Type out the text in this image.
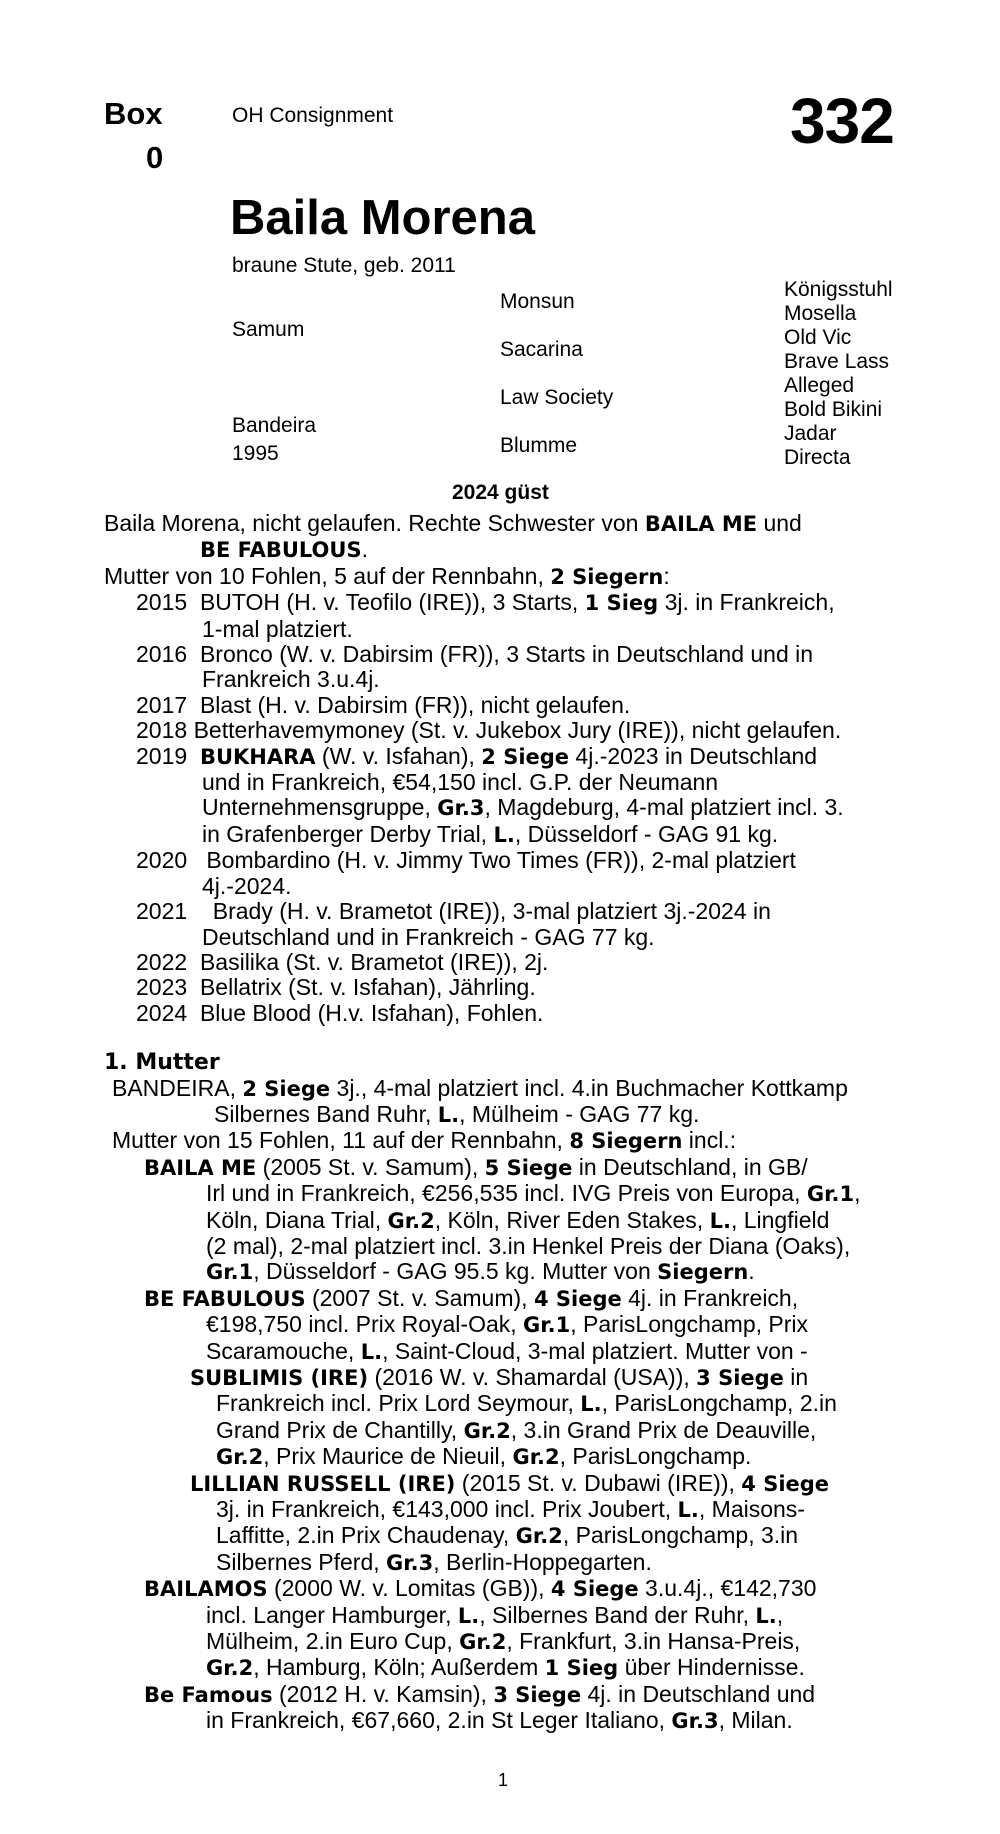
Box
0
OH Consignment	332
Baila Morena
braune Stute, geb. 2011
Samum
Bandeira
1995
Monsun
Sacarina
Law Society
Blumme
Königsstuhl
Mosella
Old Vic
Brave Lass
Alleged
Bold Bikini
Jadar
Directa
2024 güst

Baila Morena, nicht gelaufen. Rechte Schwester von BAILA ME und

BE FABULOUS.

Mutter von 10 Fohlen, 5 auf der Rennbahn, 2 Siegern:

2015 BUTOH (H. v. Teofilo (IRE)), 3 Starts, 1 Sieg 3j. in Frankreich,

1-mal platziert.

2016 Bronco (W. v. Dabirsim (FR)), 3 Starts in Deutschland und in

Frankreich 3.u.4j.

2017 Blast (H. v. Dabirsim (FR)), nicht gelaufen.

2018 Betterhavemymoney (St. v. Jukebox Jury (IRE)), nicht gelaufen.

2019 BUKHARA (W. v. Isfahan), 2 Siege 4j.-2023 in Deutschland

und in Frankreich, €54,150 incl. G.P. der Neumann

Unternehmensgruppe, Gr.3, Magdeburg, 4-mal platziert incl. 3.

in Grafenberger Derby Trial, L., Düsseldorf - GAG 91 kg.

2020 Bombardino (H. v. Jimmy Two Times (FR)), 2-mal platziert

4j.-2024.

2021 Brady (H. v. Brametot (IRE)), 3-mal platziert 3j.-2024 in

Deutschland und in Frankreich - GAG 77 kg.

2022 Basilika (St. v. Brametot (IRE)), 2j.

2023 Bellatrix (St. v. Isfahan), Jährling.

2024 Blue Blood (H.v. Isfahan), Fohlen.

1. Mutter

BANDEIRA, 2 Siege 3j., 4-mal platziert incl. 4.in Buchmacher Kottkamp

Silbernes Band Ruhr, L., Mülheim - GAG 77 kg.

Mutter von 15 Fohlen, 11 auf der Rennbahn, 8 Siegern incl.:

BAILA ME (2005 St. v. Samum), 5 Siege in Deutschland, in GB/

Irl und in Frankreich, €256,535 incl. IVG Preis von Europa, Gr.1,

Köln, Diana Trial, Gr.2, Köln, River Eden Stakes, L., Lingfield

(2 mal), 2-mal platziert incl. 3.in Henkel Preis der Diana (Oaks),

Gr.1, Düsseldorf - GAG 95.5 kg. Mutter von Siegern.

BE FABULOUS (2007 St. v. Samum), 4 Siege 4j. in Frankreich,

€198,750 incl. Prix Royal-Oak, Gr.1, ParisLongchamp, Prix

Scaramouche, L., Saint-Cloud, 3-mal platziert. Mutter von -

SUBLIMIS (IRE) (2016 W. v. Shamardal (USA)), 3 Siege in

Frankreich incl. Prix Lord Seymour, L., ParisLongchamp, 2.in

Grand Prix de Chantilly, Gr.2, 3.in Grand Prix de Deauville,

Gr.2, Prix Maurice de Nieuil, Gr.2, ParisLongchamp.

LILLIAN RUSSELL (IRE) (2015 St. v. Dubawi (IRE)), 4 Siege

3j. in Frankreich, €143,000 incl. Prix Joubert, L., Maisons-

Laffitte, 2.in Prix Chaudenay, Gr.2, ParisLongchamp, 3.in

Silbernes Pferd, Gr.3, Berlin-Hoppegarten.

BAILAMOS (2000 W. v. Lomitas (GB)), 4 Siege 3.u.4j., €142,730

incl. Langer Hamburger, L., Silbernes Band der Ruhr, L.,

Mülheim, 2.in Euro Cup, Gr.2, Frankfurt, 3.in Hansa-Preis,

Gr.2, Hamburg, Köln; Außerdem 1 Sieg über Hindernisse.

Be Famous (2012 H. v. Kamsin), 3 Siege 4j. in Deutschland und

in Frankreich, €67,660, 2.in St Leger Italiano, Gr.3, Milan.

1
